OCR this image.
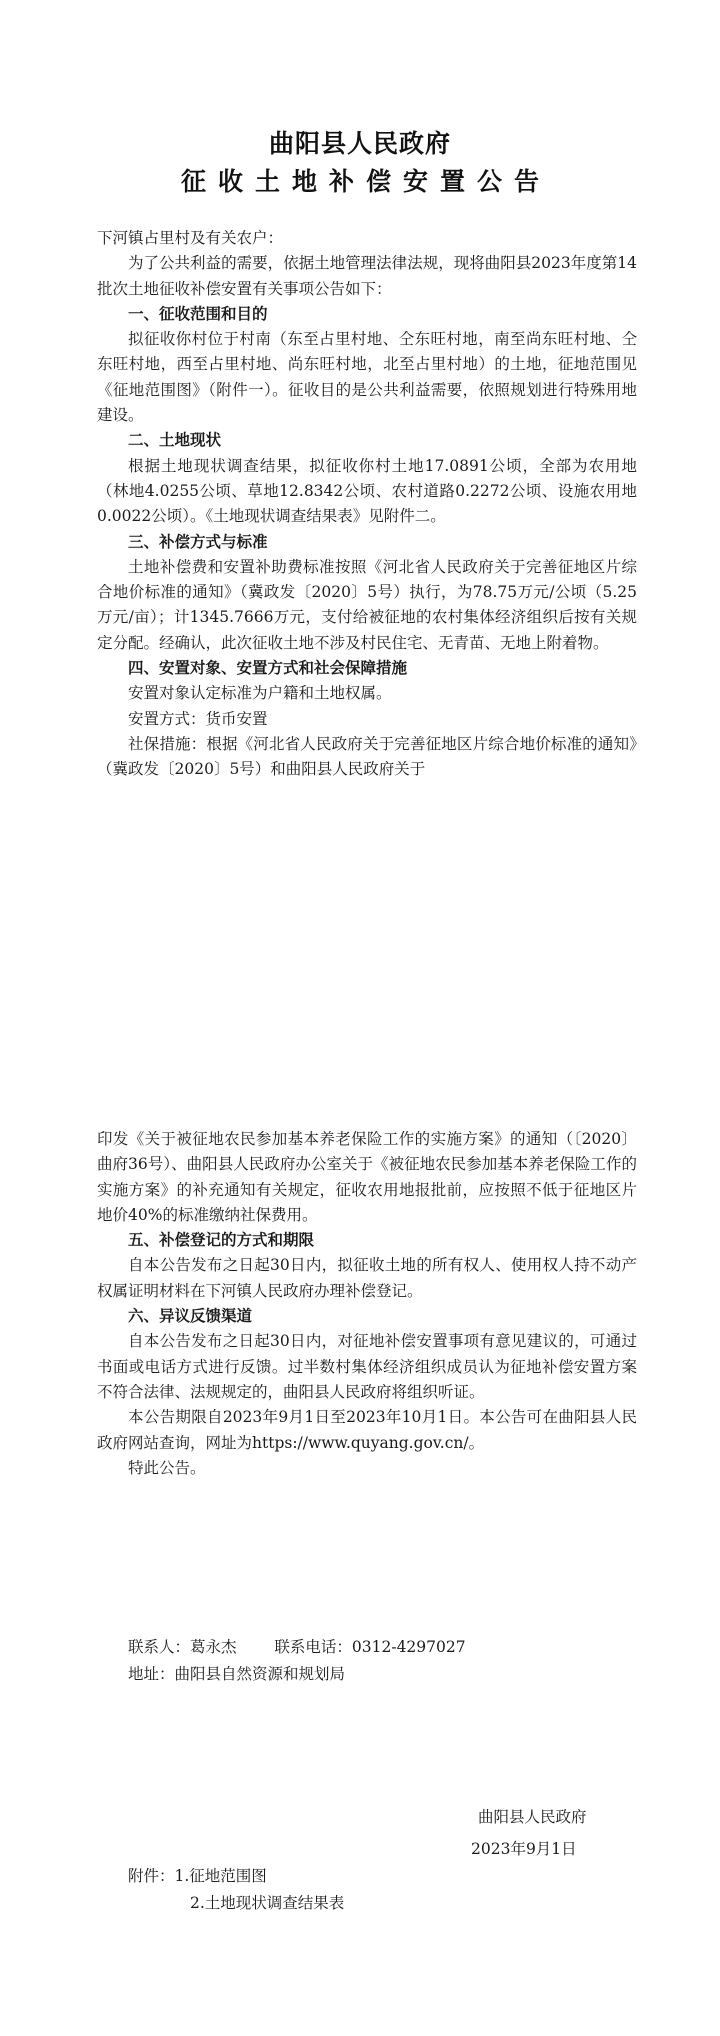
曲阳县人民政府
征收土地补偿安置公告

下河镇占里村及有关农户：

为了公共利益的需要，依据土地管理法律法规，现将曲阳县2023年度第14批次土地征收补偿安置有关事项公告如下：

一、征收范围和目的

拟征收你村位于村南（东至占里村地、仝东旺村地，南至尚东旺村地、仝东旺村地，西至占里村地、尚东旺村地，北至占里村地）的土地，征地范围见《征地范围图》（附件一）。征收目的是公共利益需要，依照规划进行特殊用地建设。

二、土地现状

根据土地现状调查结果，拟征收你村土地17.0891公顷，全部为农用地（林地4.0255公顷、草地12.8342公顷、农村道路0.2272公顷、设施农用地0.0022公顷）。《土地现状调查结果表》见附件二。

三、补偿方式与标准

土地补偿费和安置补助费标准按照《河北省人民政府关于完善征地区片综合地价标准的通知》（冀政发〔2020〕5号）执行，为78.75万元/公顷（5.25万元/亩）；计1345.7666万元，支付给被征地的农村集体经济组织后按有关规定分配。经确认，此次征收土地不涉及村民住宅、无青苗、无地上附着物。

四、安置对象、安置方式和社会保障措施

安置对象认定标准为户籍和土地权属。

安置方式：货币安置

社保措施：根据《河北省人民政府关于完善征地区片综合地价标准的通知》（冀政发〔2020〕5号）和曲阳县人民政府关于

印发《关于被征地农民参加基本养老保险工作的实施方案》的通知（〔2020〕曲府36号）、曲阳县人民政府办公室关于《被征地农民参加基本养老保险工作的实施方案》的补充通知有关规定，征收农用地报批前，应按照不低于征地区片地价40%的标准缴纳社保费用。

五、补偿登记的方式和期限

自本公告发布之日起30日内，拟征收土地的所有权人、使用权人持不动产权属证明材料在下河镇人民政府办理补偿登记。

六、异议反馈渠道

自本公告发布之日起30日内，对征地补偿安置事项有意见建议的，可通过书面或电话方式进行反馈。过半数村集体经济组织成员认为征地补偿安置方案不符合法律、法规规定的，曲阳县人民政府将组织听证。

本公告期限自2023年9月1日至2023年10月1日。本公告可在曲阳县人民政府网站查询，网址为https://www.quyang.gov.cn/。

特此公告。

联系人：葛永杰 联系电话：0312-4297027
地址：曲阳县自然资源和规划局
曲阳县人民政府
2023年9月1日
附件：1.征地范围图
2.土地现状调查结果表
